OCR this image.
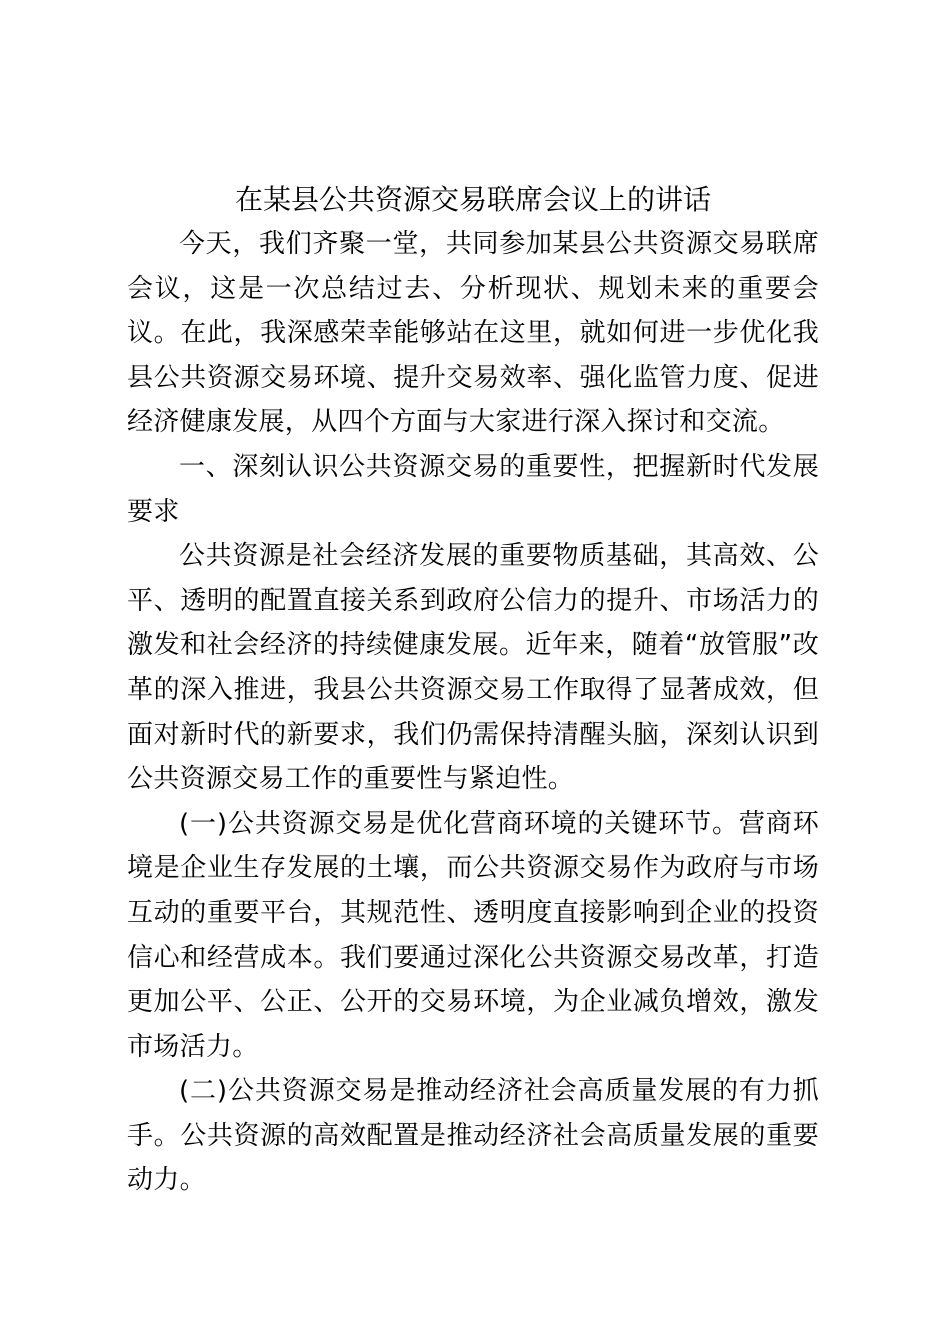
在某县公共资源交易联席会议上的讲话

今天，我们齐聚一堂，共同参加某县公共资源交易联席会议，这是一次总结过去、分析现状、规划未来的重要会议。在此，我深感荣幸能够站在这里，就如何进一步优化我县公共资源交易环境、提升交易效率、强化监管力度、促进经济健康发展，从四个方面与大家进行深入探讨和交流。

一、深刻认识公共资源交易的重要性，把握新时代发展要求

公共资源是社会经济发展的重要物质基础，其高效、公平、透明的配置直接关系到政府公信力的提升、市场活力的激发和社会经济的持续健康发展。近年来，随着“放管服”改革的深入推进，我县公共资源交易工作取得了显著成效，但面对新时代的新要求，我们仍需保持清醒头脑，深刻认识到公共资源交易工作的重要性与紧迫性。

(一)公共资源交易是优化营商环境的关键环节。营商环境是企业生存发展的土壤，而公共资源交易作为政府与市场互动的重要平台，其规范性、透明度直接影响到企业的投资信心和经营成本。我们要通过深化公共资源交易改革，打造更加公平、公正、公开的交易环境，为企业减负增效，激发市场活力。

(二)公共资源交易是推动经济社会高质量发展的有力抓手。公共资源的高效配置是推动经济社会高质量发展的重要动力。
